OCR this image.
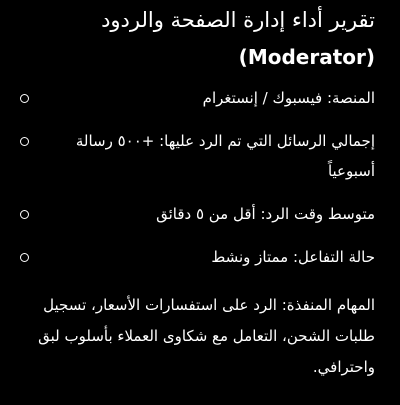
تقرير أداء إدارة الصفحة والردود
(Moderator)
المنصة: فيسبوك / إنستغرام
إجمالي الرسائل التي تم الرد عليها: +٥٠٠ رسالة أسبوعياً
متوسط وقت الرد: أقل من ٥ دقائق
حالة التفاعل: ممتاز ونشط

المهام المنفذة: الرد على استفسارات الأسعار، تسجيل طلبات الشحن، التعامل مع شكاوى العملاء بأسلوب لبق واحترافي.
